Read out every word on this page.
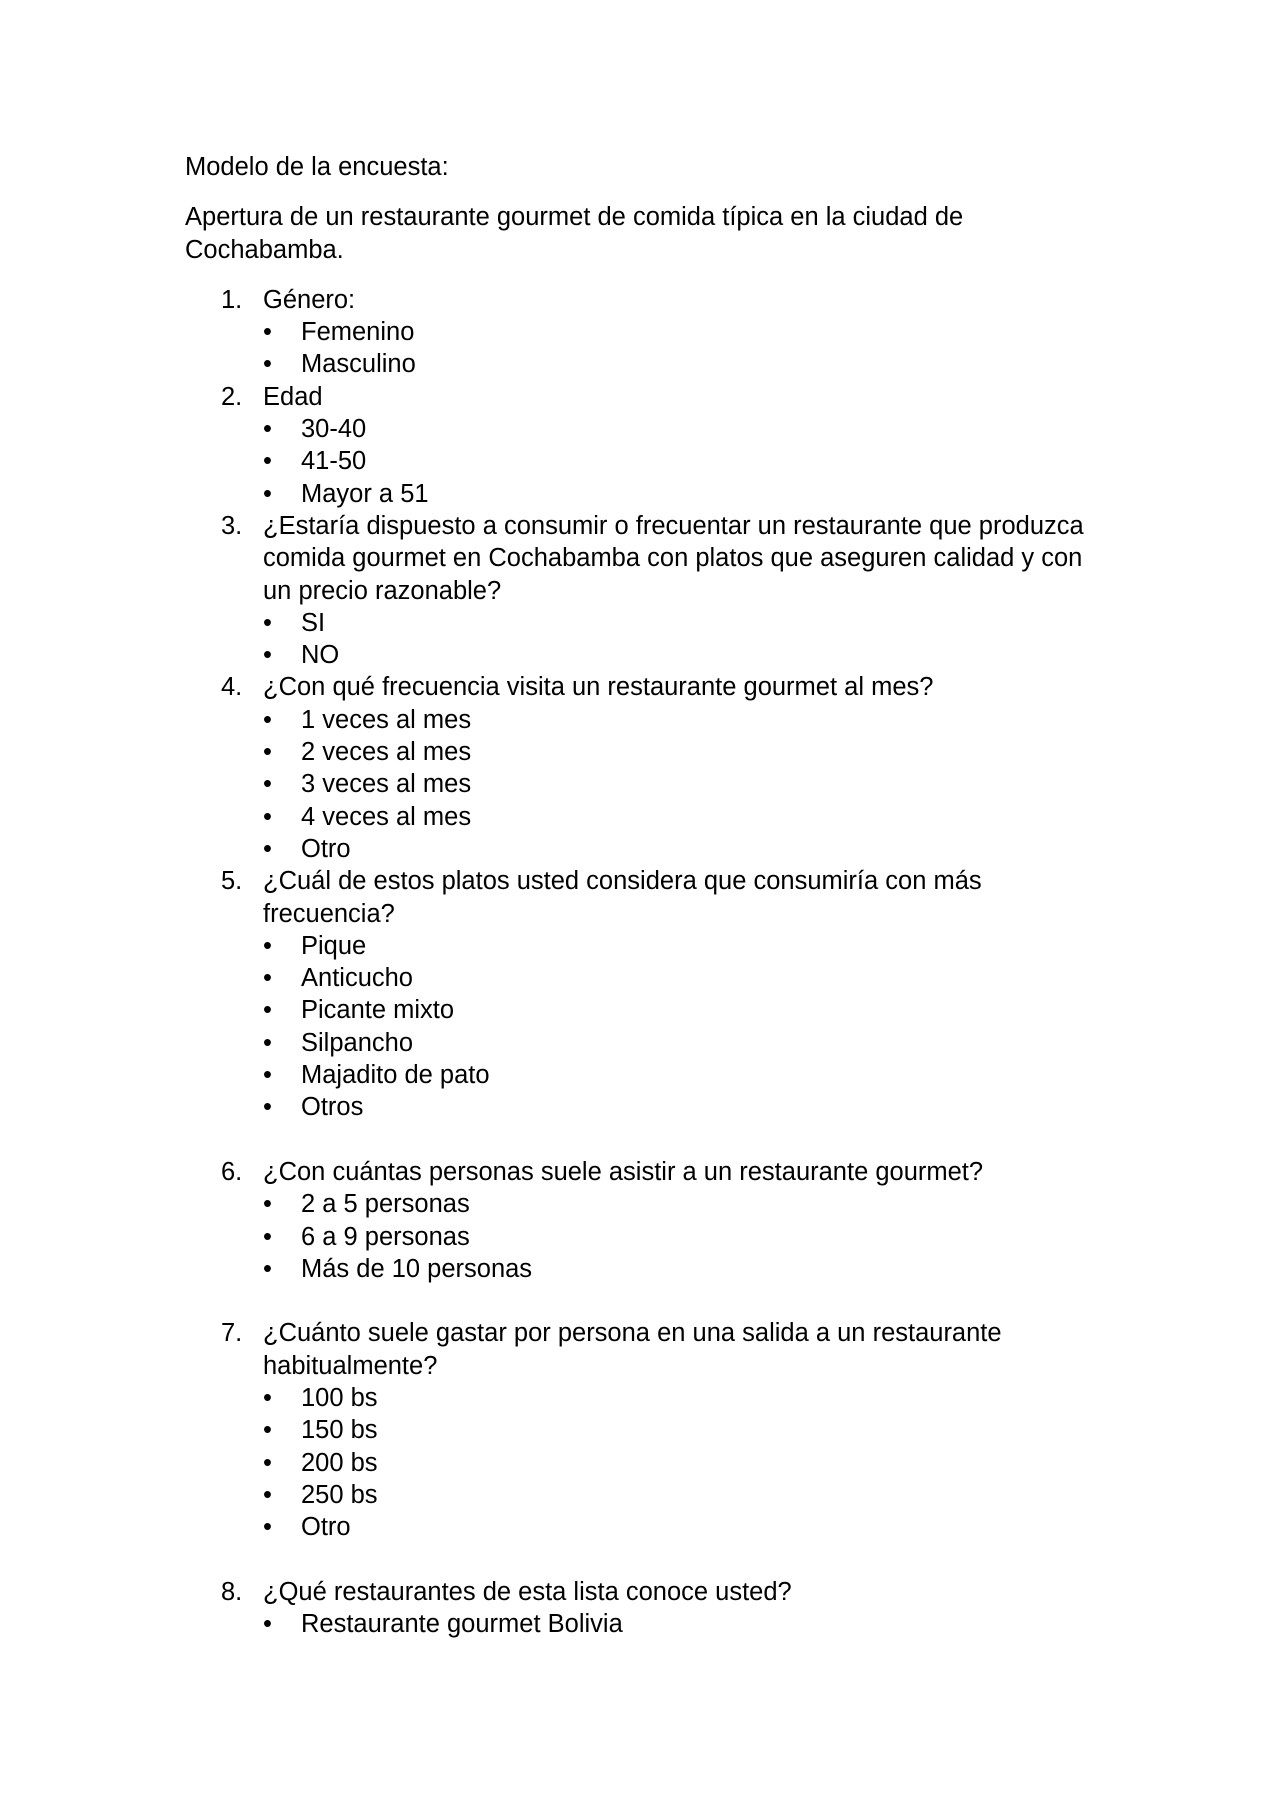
Modelo de la encuesta:

Apertura de un restaurante gourmet de comida típica en la ciudad de Cochabamba.

1. Género:
• Femenino
• Masculino
2. Edad
• 30-40
• 41-50
• Mayor a 51
3. ¿Estaría dispuesto a consumir o frecuentar un restaurante que produzca comida gourmet en Cochabamba con platos que aseguren calidad y con un precio razonable?
• SI
• NO
4. ¿Con qué frecuencia visita un restaurante gourmet al mes?
• 1 veces al mes
• 2 veces al mes
• 3 veces al mes
• 4 veces al mes
• Otro
5. ¿Cuál de estos platos usted considera que consumiría con más frecuencia?
• Pique
• Anticucho
• Picante mixto
• Silpancho
• Majadito de pato
• Otros
6. ¿Con cuántas personas suele asistir a un restaurante gourmet?
• 2 a 5 personas
• 6 a 9 personas
• Más de 10 personas
7. ¿Cuánto suele gastar por persona en una salida a un restaurante habitualmente?
• 100 bs
• 150 bs
• 200 bs
• 250 bs
• Otro
8. ¿Qué restaurantes de esta lista conoce usted?
• Restaurante gourmet Bolivia
